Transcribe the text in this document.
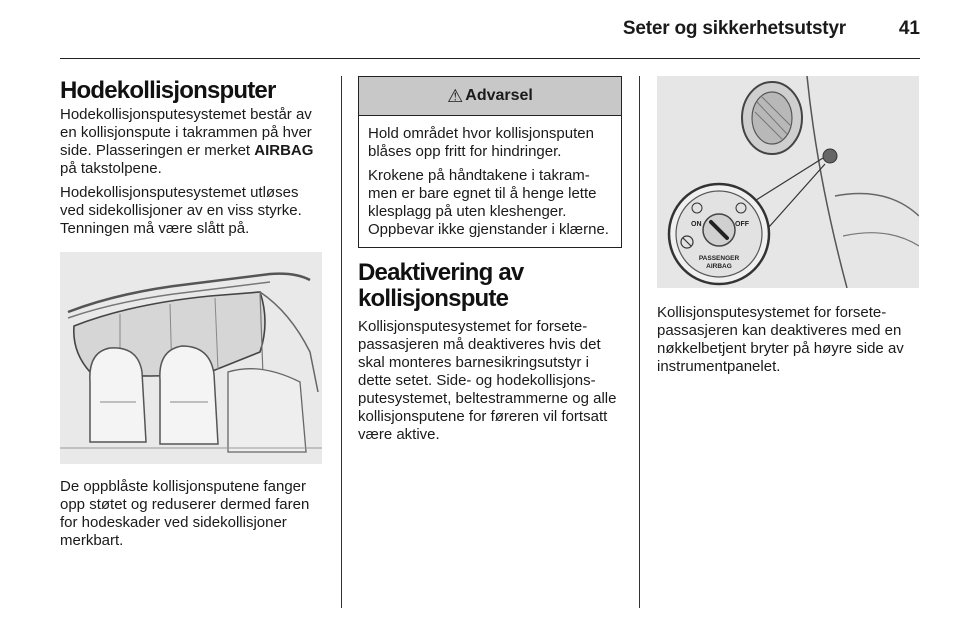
Seter og sikkerhetsutstyr	41
Hodekollisjonsputer

Hodekollisjonsputesystemet består av en kollisjonspute i takrammen på hver side. Plasseringen er merket AIRBAG på takstolpene.

Hodekollisjonsputesystemet utløses ved sidekollisjoner av en viss styrke. Tenningen må være slått på.

De oppblåste kollisjonsputene fanger opp støtet og reduserer dermed faren for hodeskader ved sidekollisjoner merkbart.

⚠ Advarsel

Hold området hvor kollisjonsputen blåses opp fritt for hindringer.

Krokene på håndtakene i takram-men er bare egnet til å henge lette klesplagg på uten kleshenger. Oppbevar ikke gjenstander i klærne.

Deaktivering av kollisjonspute

Kollisjonsputesystemet for forsete-passasjeren må deaktiveres hvis det skal monteres barnesikringsutstyr i dette setet. Side- og hodekollisjons-putesystemet, beltestrammerne og alle kollisjonsputene for føreren vil fortsatt være aktive.

ON	OFF
PASSENGER
AIRBAG

Kollisjonsputesystemet for forsete-passasjeren kan deaktiveres med en nøkkelbetjent bryter på høyre side av instrumentpanelet.
